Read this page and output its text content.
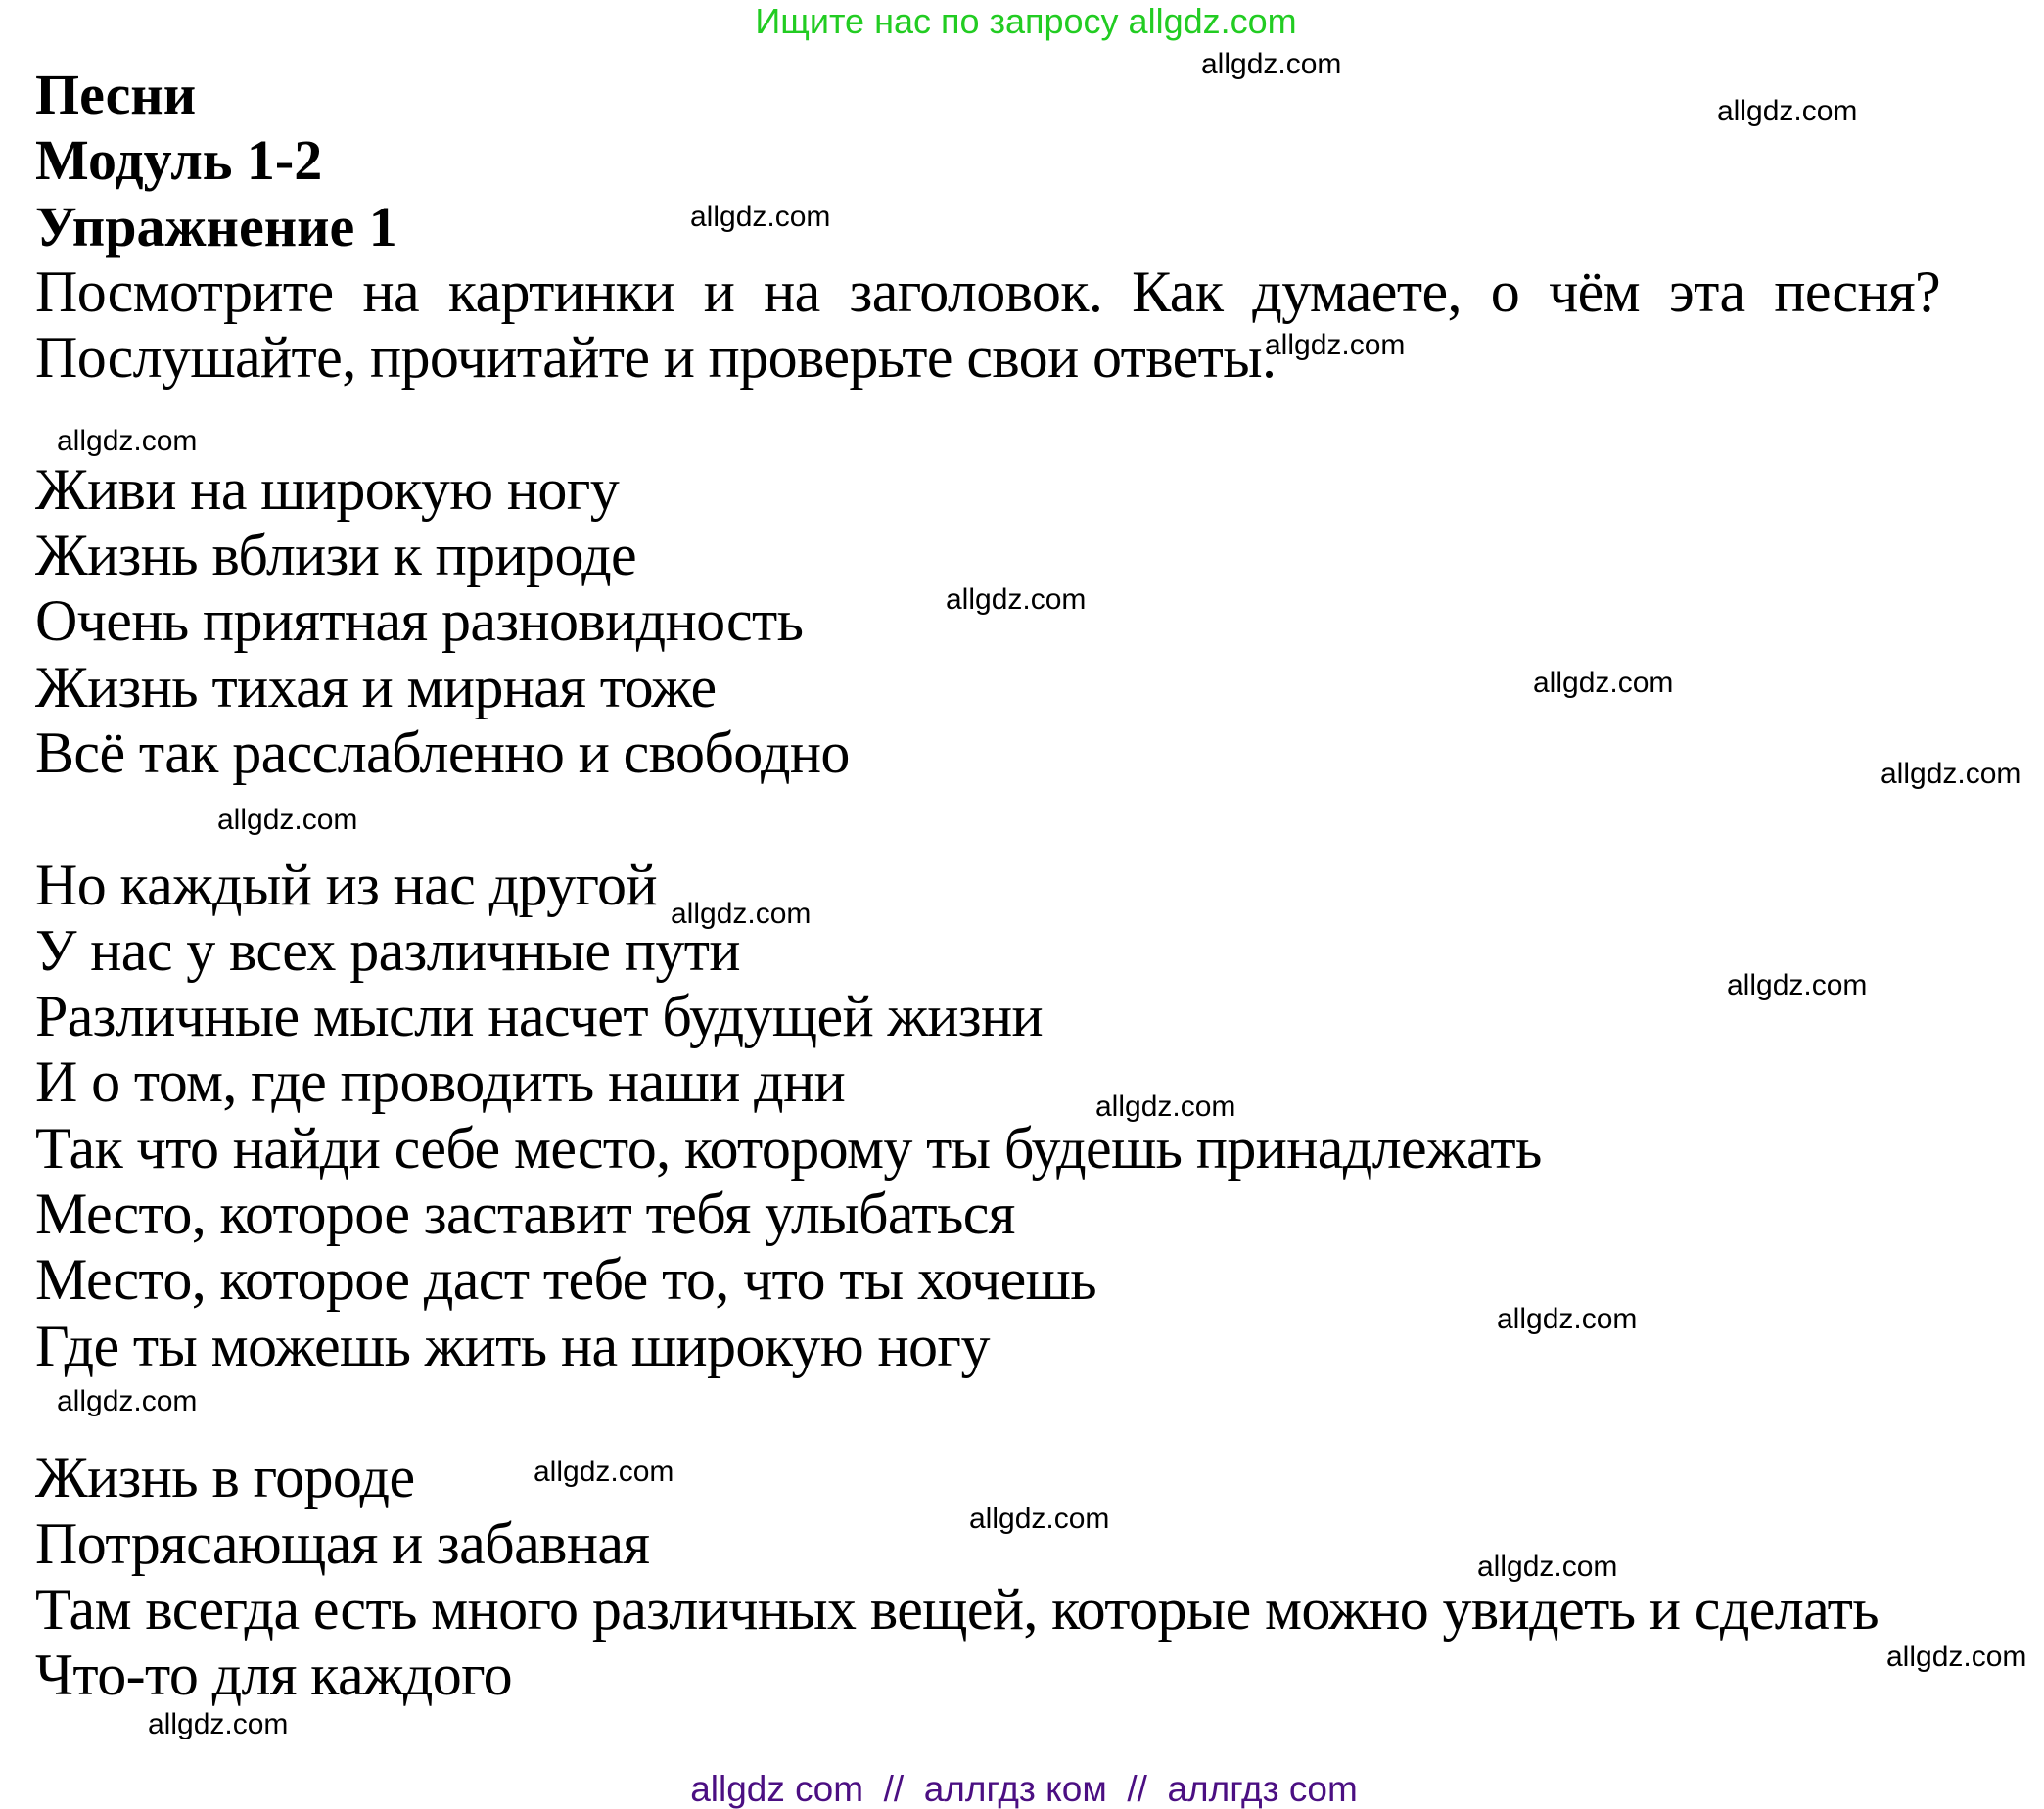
Ищите нас по запросу allgdz.com
Песни
Модуль 1-2
Упражнение 1
Посмотрите на картинки и на заголовок. Как думаете, о чём эта песня? Послушайте, прочитайте и проверьте свои ответы.
Живи на широкую ногу
Жизнь вблизи к природе
Очень приятная разновидность
Жизнь тихая и мирная тоже
Всё так расслабленно и свободно
Но каждый из нас другой
У нас у всех различные пути
Различные мысли насчет будущей жизни
И о том, где проводить наши дни
Так что найди себе место, которому ты будешь принадлежать
Место, которое заставит тебя улыбаться
Место, которое даст тебе то, что ты хочешь
Где ты можешь жить на широкую ногу
Жизнь в городе
Потрясающая и забавная
Там всегда есть много различных вещей, которые можно увидеть и сделать
Что-то для каждого
allgdz.com
allgdz.com
allgdz.com
allgdz.com
allgdz.com
allgdz.com
allgdz.com
allgdz.com
allgdz.com
allgdz.com
allgdz.com
allgdz.com
allgdz.com
allgdz.com
allgdz.com
allgdz.com
allgdz.com
allgdz.com
allgdz.com
allgdz com  //  аллгдз ком  //  аллгдз com
